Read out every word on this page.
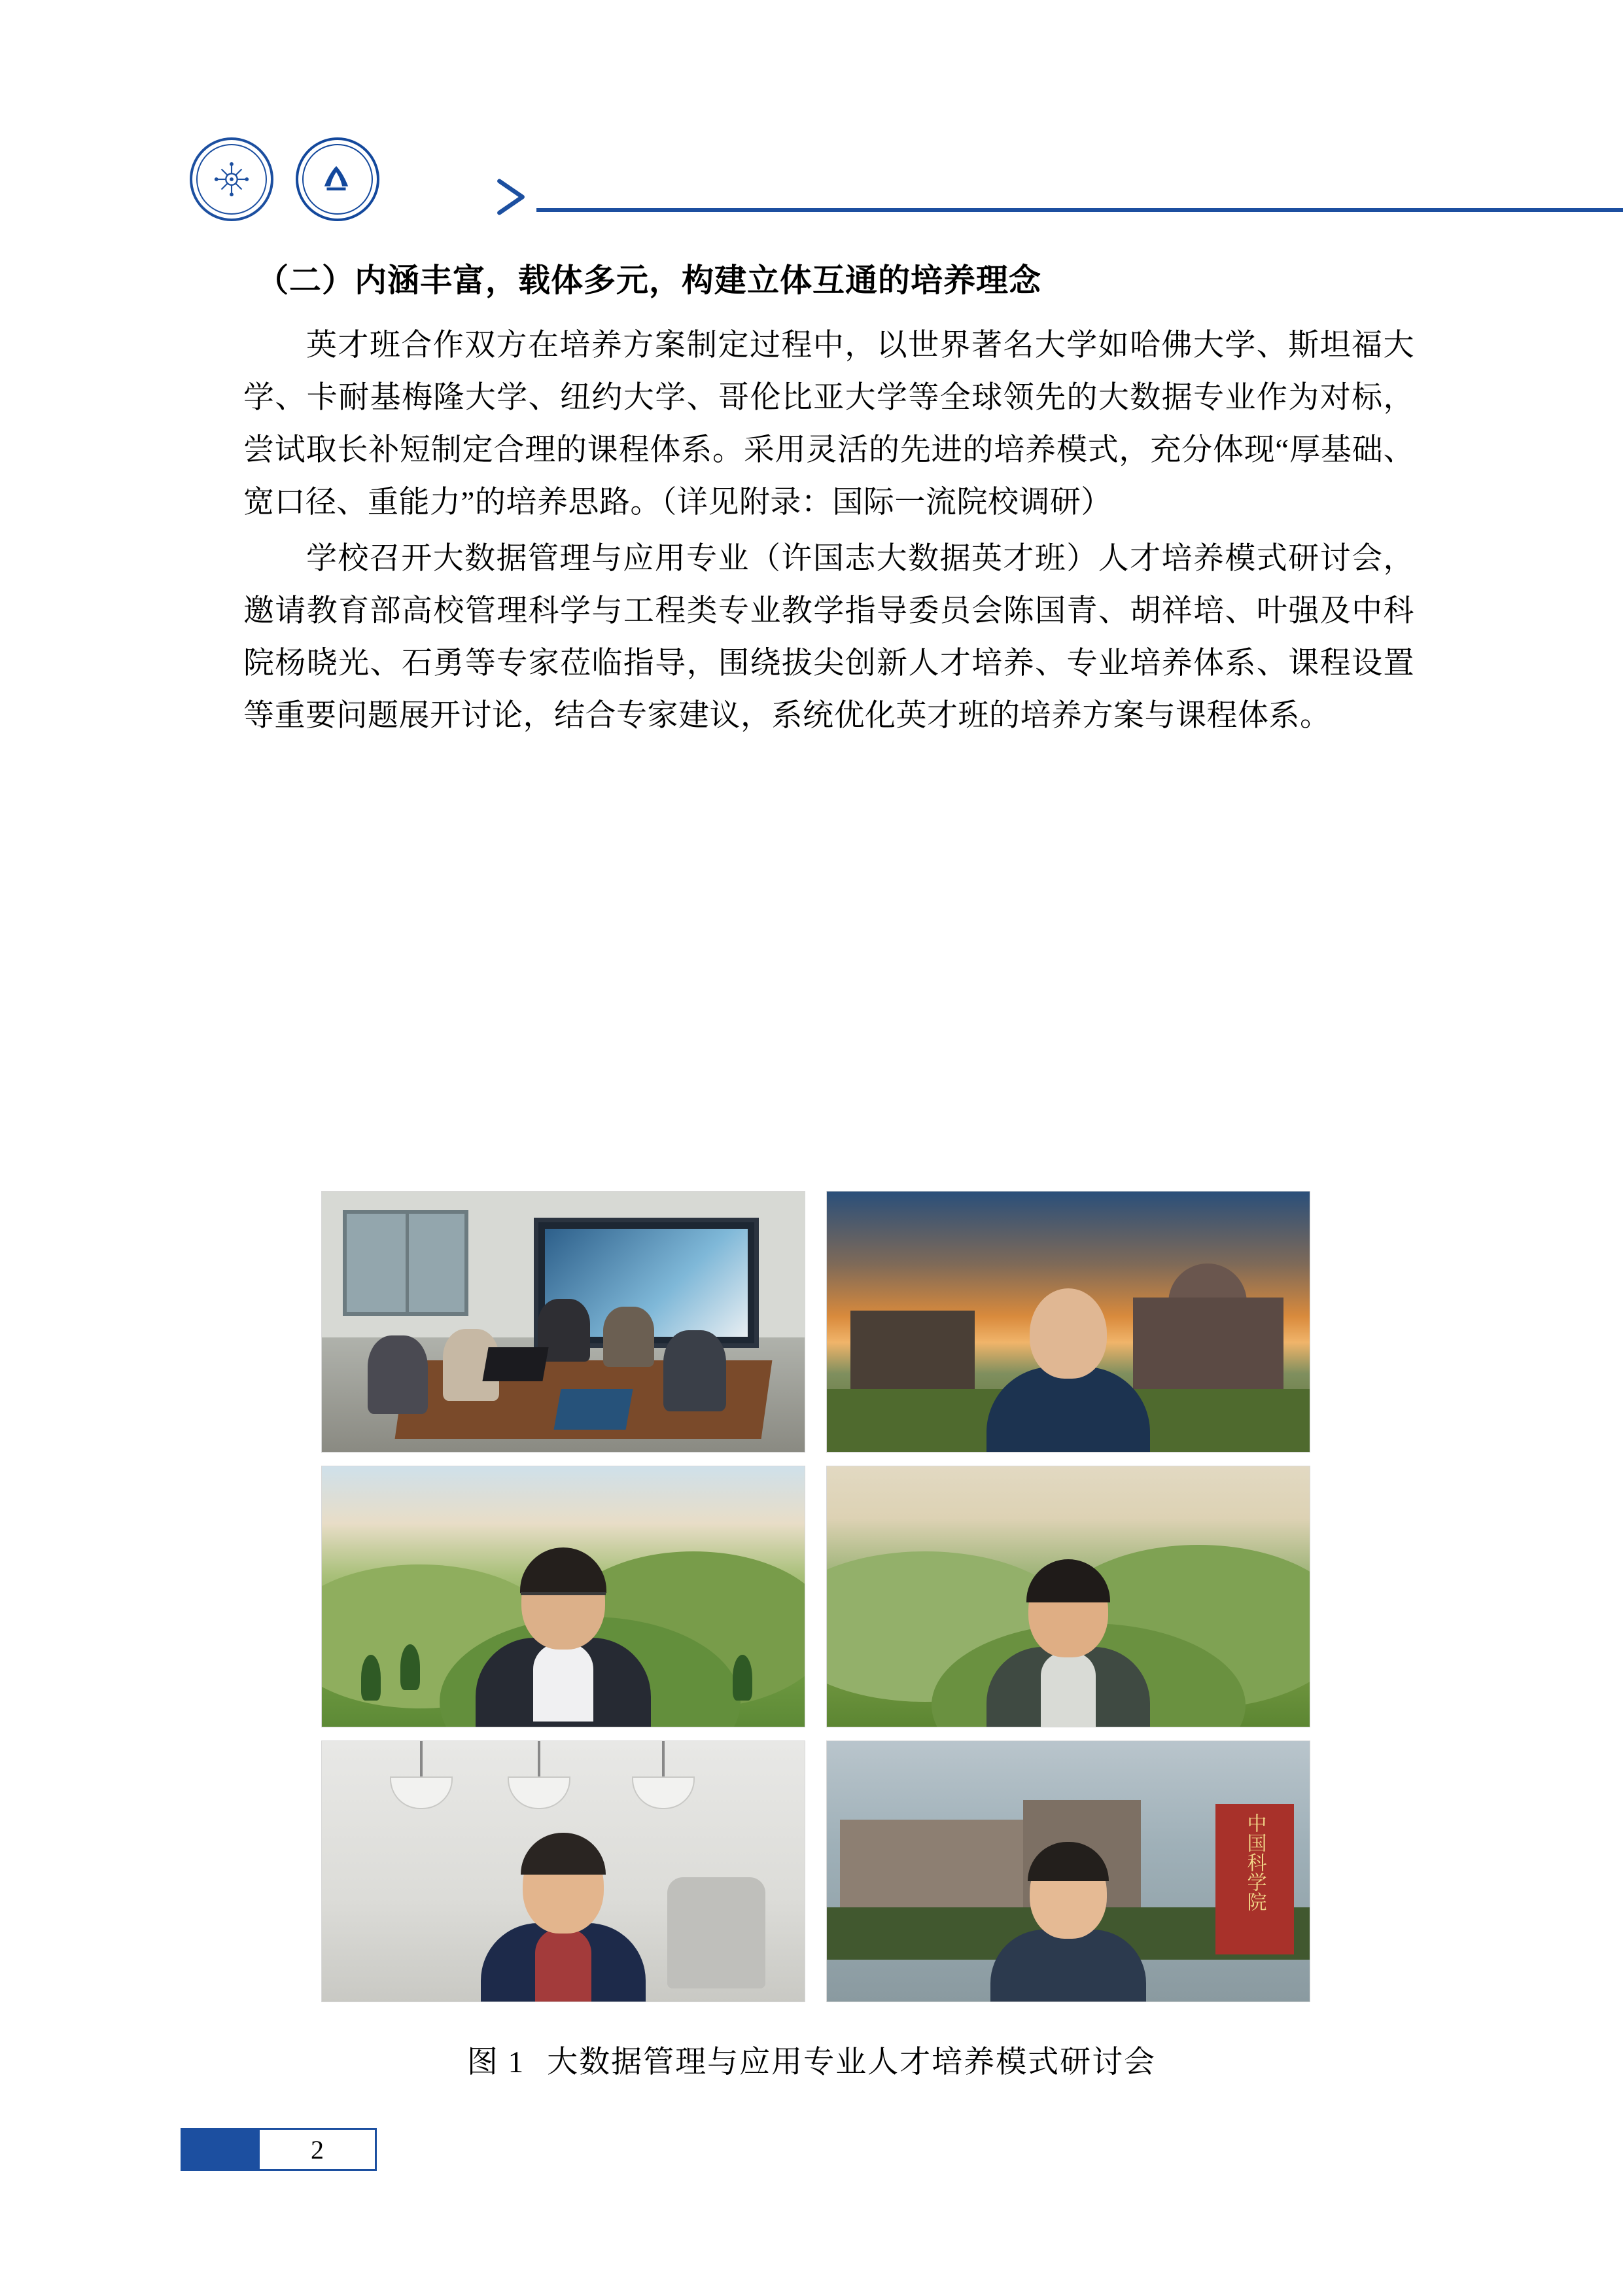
（二）内涵丰富，载体多元，构建立体互通的培养理念

英才班合作双方在培养方案制定过程中，以世界著名大学如哈佛大学、斯坦福大学、卡耐基梅隆大学、纽约大学、哥伦比亚大学等全球领先的大数据专业作为对标，尝试取长补短制定合理的课程体系。采用灵活的先进的培养模式，充分体现“厚基础、宽口径、重能力”的培养思路。（详见附录：国际一流院校调研）

学校召开大数据管理与应用专业（许国志大数据英才班）人才培养模式研讨会，邀请教育部高校管理科学与工程类专业教学指导委员会陈国青、胡祥培、叶强及中科院杨晓光、石勇等专家莅临指导，围绕拔尖创新人才培养、专业培养体系、课程设置等重要问题展开讨论，结合专家建议，系统优化英才班的培养方案与课程体系。

中国科学院
图 1 大数据管理与应用专业人才培养模式研讨会
2
